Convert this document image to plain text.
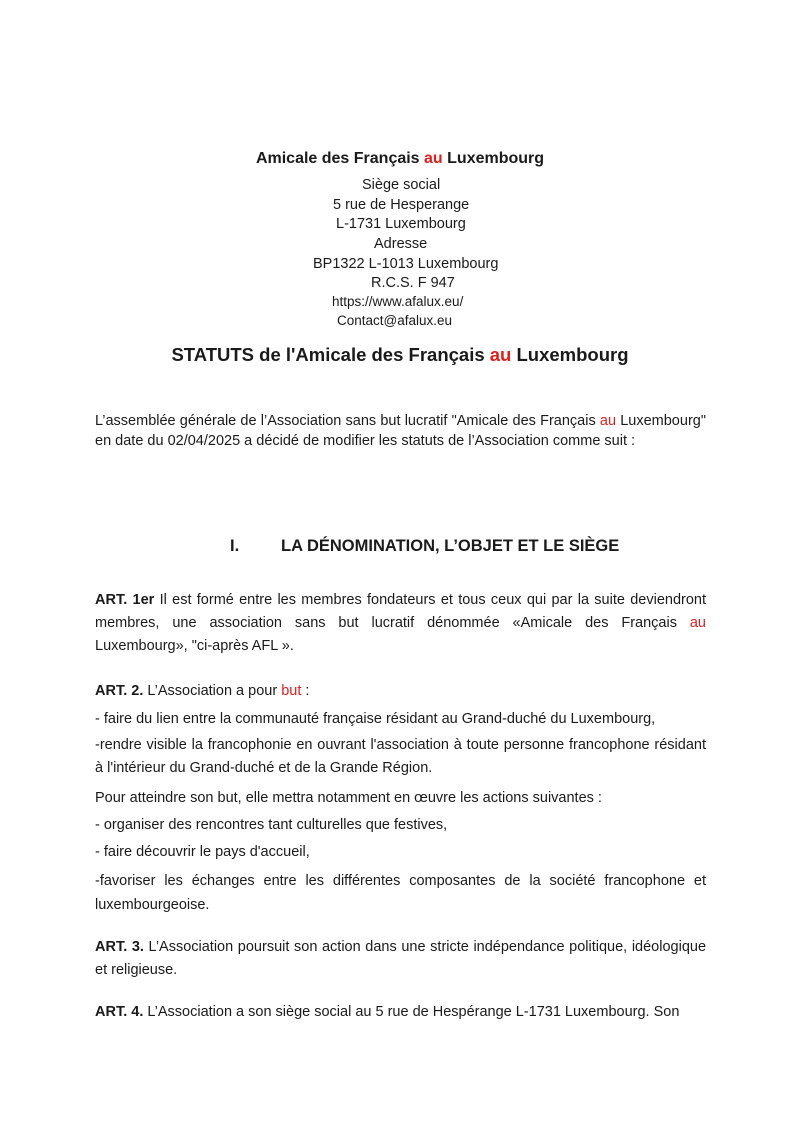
Amicale des Français au Luxembourg
Siège social
5 rue de Hesperange
L-1731 Luxembourg
Adresse
BP1322 L-1013 Luxembourg
R.C.S. F 947
https://www.afalux.eu/
Contact@afalux.eu
STATUTS de l'Amicale des Français au Luxembourg

L’assemblée générale de l’Association sans but lucratif "Amicale des Français au Luxembourg" en date du 02/04/2025 a décidé de modifier les statuts de l’Association comme suit :

I.	LA DÉNOMINATION, L’OBJET ET LE SIÈGE

ART. 1er Il est formé entre les membres fondateurs et tous ceux qui par la suite deviendront membres, une association sans but lucratif dénommée «Amicale des Français au Luxembourg», "ci-après AFL ».

ART. 2. L’Association a pour but :

- faire du lien entre la communauté française résidant au Grand-duché du Luxembourg,
-rendre visible la francophonie en ouvrant l'association à toute personne francophone résidant à l'intérieur du Grand-duché et de la Grande Région.
Pour atteindre son but, elle mettra notamment en œuvre les actions suivantes :
- organiser des rencontres tant culturelles que festives,
- faire découvrir le pays d'accueil,
-favoriser les échanges entre les différentes composantes de la société francophone et luxembourgeoise.

ART. 3. L’Association poursuit son action dans une stricte indépendance politique, idéologique et religieuse.

ART. 4. L’Association a son siège social au 5 rue de Hespérange L-1731 Luxembourg. Son
